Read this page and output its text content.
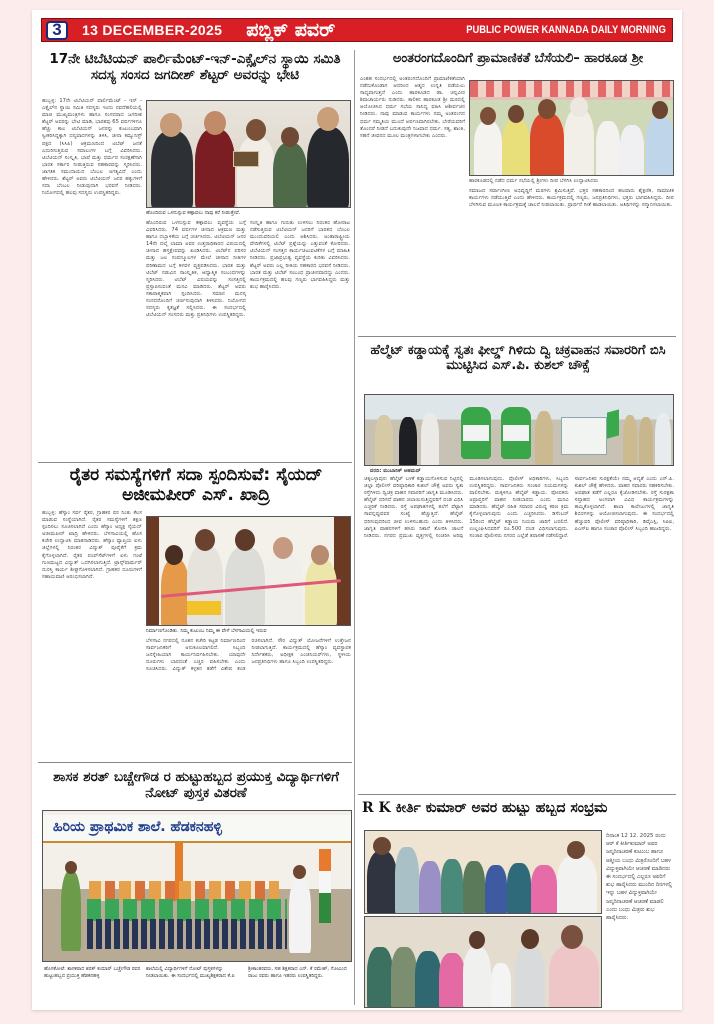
3	13 DECEMBER-2025 ಪಬ್ಲಿಕ್ ಪವರ್	PUBLIC POWER KANNADA DAILY MORNING
17ನೇ ಟಿಬೆಟಿಯನ್ ಪಾರ್ಲಿಮೆಂಟ್-ಇನ್-ಎಕ್ಸೈಲ್‌ನ ಸ್ಥಾಯಿ ಸಮಿತಿ ಸದಸ್ಯ ಸಂಸದ ಜಗದೀಶ್ ಶೆಟ್ಟರ್ ಅವರನ್ನು ಭೇಟಿ
ಹುಬ್ಬಳ್ಳಿ: 17ನೇ ಟಿಬೆಟಿಯನ್ ಪಾರ್ಲಿಮೆಂಟ್ - ಇನ್ - ಎಕ್ಸೈಲ್‌ನ ಸ್ಥಾಯಿ ಸಮಿತಿ ಸದಸ್ಯರು ಇಂದು ನವದೆಹಲಿಯಲ್ಲಿ ಮಾಜಿ ಮುಖ್ಯಮಂತ್ರಿಗಳು ಹಾಗೂ ಸಂಸದರಾದ ಜಗದೀಶ ಶೆಟ್ಟರ್ ಅವರನ್ನು ಭೇಟಿ ಮಾಡಿ, ಭಾರತವು 65 ವರ್ಷಗಳಿಗೂ ಹೆಚ್ಚು ಕಾಲ ಟಿಬೆಟಿಯನ್ ಜನರನ್ನು ಕುಟುಂಬವಾಗಿ ಸ್ವೀಕರಿಸಿದ್ದಕ್ಕಾಗಿ ಧನ್ಯವಾದಗಳನ್ನು ತಿಳಿಸಿ, ಚೀನಾ ಕಮ್ಯುನಿಸ್ಟ್ ಪಕ್ಷದ (ಸಿಸಿಪಿ) ಆಕ್ರಮಣದಿಂದ ಟಿಬೆಟ್ ಜನತೆ ಎದುರಿಸುತ್ತಿರುವ ಸವಾಲುಗಳ ಬಗ್ಗೆ ವಿವರಿಸಿದರು. ಟಿಬೆಟಿಯನ್ ಸಂಸ್ಕೃತಿ, ಭಾಷೆ ಮತ್ತು ಧರ್ಮದ ಸಂರಕ್ಷಣೆಗಾಗಿ ಭಾರತ ಸರ್ಕಾರ ನೀಡುತ್ತಿರುವ ಸಹಕಾರವನ್ನು ಸ್ಮರಿಸಿದರು. ಜಾಗತಿಕ ಸಮುದಾಯದ ಬೆಂಬಲ ಅಗತ್ಯವಿದೆ ಎಂದು ಹೇಳಿದರು. ಶೆಟ್ಟರ್ ಅವರು ಟಿಬೆಟಿಯನ್ ಜನರ ಹಕ್ಕುಗಳಿಗೆ ಸದಾ ಬೆಂಬಲ ನೀಡುವುದಾಗಿ ಭರವಸೆ ನೀಡಿದರು. ನಿಯೋಗದಲ್ಲಿ ಹಲವು ಸದಸ್ಯರು ಉಪಸ್ಥಿತರಿದ್ದರು.
ಹೊಂದಿರುವ ಒಳನುಸ್ಸುವ ಕಣ್ಗಾವಲು ನಾವು ಕರೆ ನೀಡುತ್ತೇವೆ.
ಹೊಂದಿರುವ ಒಳನುಸ್ಸುವ ಕಣ್ಗಾವಲು ವ್ಯವಸ್ಥೆಯ ಬಗ್ಗೆ ವಿವರಿಸಿದರು. 74 ವರ್ಷಗಳ ಚೀನಾದ ಆಕ್ರಮಣ ಮತ್ತು ಹಾಗೂ ದಬ್ಬಾಳಿಕೆಯ ಬಗ್ಗೆ ಚರ್ಚಿಸಿದರು. ಟಿಬೆಟಿಯನ್ ಜನರ 14ನೇ ದಲೈ ಲಾಮಾ ಅವರ ಉತ್ತರಾಧಿಕಾರದ ವಿಷಯದಲ್ಲಿ ಚೀನಾದ ಹಸ್ತಕ್ಷೇಪವನ್ನು ಖಂಡಿಸಿದರು. ಟಿಬೆಟ್‌ನ ಪರಿಸರ ಮತ್ತು ಜಲ ಸಂಪನ್ಮೂಲಗಳ ಮೇಲೆ ಚೀನಾದ ನೀತಿಗಳ ಪರಿಣಾಮದ ಬಗ್ಗೆ ಕಳವಳ ವ್ಯಕ್ತಪಡಿಸಿದರು. ಭಾರತ ಮತ್ತು ಟಿಬೆಟ್ ನಡುವಿನ ಸಾಂಸ್ಕೃತಿಕ, ಆಧ್ಯಾತ್ಮಿಕ ಸಂಬಂಧಗಳನ್ನು ಸ್ಮರಿಸಿದರು. ಟಿಬೆಟ್ ವಿಷಯವನ್ನು ಸಂಸತ್ತಿನಲ್ಲಿ ಪ್ರಸ್ತಾಪಿಸುವಂತೆ ಮನವಿ ಮಾಡಿದರು. ಶೆಟ್ಟರ್ ಅವರು ಸಕಾರಾತ್ಮಕವಾಗಿ ಸ್ಪಂದಿಸಿದರು. ಸಮಾನ ಮನಸ್ಕ ಸಂಸದರೊಂದಿಗೆ ಚರ್ಚಿಸುವುದಾಗಿ ತಿಳಿಸಿದರು. ನಿಯೋಗದ ಸದಸ್ಯರು ಕೃತಜ್ಞತೆ ಸಲ್ಲಿಸಿದರು. ಈ ಸಂದರ್ಭದಲ್ಲಿ ಟಿಬೆಟಿಯನ್ ಸಂಸದರು ಮತ್ತು ಪ್ರತಿನಿಧಿಗಳು ಉಪಸ್ಥಿತರಿದ್ದರು.
ಸಂಸ್ಕೃತಿ ಹಾಗೂ ಗುರುತು ಉಳಿಸಲು ನಿರಂತರ ಹೋರಾಟ ನಡೆಸುತ್ತಿರುವ ಟಿಬೆಟಿಯನ್ ಜನರಿಗೆ ಭಾರತದ ಬೆಂಬಲ ಮುಂದುವರಿಯಲಿ ಎಂದು ಆಶಿಸಿದರು. ಅಂತಾರಾಷ್ಟ್ರೀಯ ವೇದಿಕೆಗಳಲ್ಲಿ ಟಿಬೆಟ್ ಪ್ರಶ್ನೆಯನ್ನು ಎತ್ತುವಂತೆ ಕೋರಿದರು. ಟಿಬೆಟಿಯನ್ ಸಂಸತ್ತಿನ ಕಾರ್ಯಚಟುವಟಿಕೆಗಳ ಬಗ್ಗೆ ಮಾಹಿತಿ ನೀಡಿದರು. ಪ್ರಜಾಪ್ರಭುತ್ವ ವ್ಯವಸ್ಥೆಯ ಕುರಿತು ವಿವರಿಸಿದರು. ಶೆಟ್ಟರ್ ಅವರು ಎಲ್ಲ ರೀತಿಯ ಸಹಕಾರದ ಭರವಸೆ ನೀಡಿದರು. ಭಾರತ ಮತ್ತು ಟಿಬೆಟ್ ಸಂಬಂಧ ಪ್ರಾಚೀನವಾದದ್ದು ಎಂದರು. ಕಾರ್ಯಕ್ರಮದಲ್ಲಿ ಹಲವು ಗಣ್ಯರು ಭಾಗವಹಿಸಿದ್ದರು ಮತ್ತು ಶುಭ ಹಾರೈಸಿದರು.
ಅಂತರಂಗದೊಂದಿಗೆ ಪ್ರಾಮಾಣಿಕತೆ ಬೆಸೆಯಲಿ– ಹಾರಕೂಡ ಶ್ರೀ
ಎಂತಹ ಸಂದರ್ಭದಲ್ಲಿ ಅಂತರಂಗದೊಂದಿಗೆ ಪ್ರಾಮಾಣಿಕತೆಯಾಗಿ ನಡೆದುಕೊಂಡಾಗ ಆದರಿಂದ ಆತ್ಮದ ಉನ್ನತಿ ಪಡೆಯಲು ಸಾಧ್ಯವಾಗುತ್ತದೆ ಎಂದು ಹಾರಕೂಡದ ಡಾ. ಚನ್ನವೀರ ಶಿವಾಚಾರ್ಯರು ನುಡಿದರು. ಕಾಲಿಕನ ಹಾರಕೂಡ ಶ್ರೀ ಮಠದಲ್ಲಿ ಆಯೋಜಿಸಿದ ಧರ್ಮ ಸಭೆಯ ಸಾನಿಧ್ಯ ವಹಿಸಿ ಆಶೀರ್ವಚನ ನೀಡಿದರು. ನಾವು ಮಾಡುವ ಕಾರ್ಯಗಳು ನಮ್ಮ ಅಂತರಂಗದ ಧರ್ಮ ಸಮ್ಮತಿಯ ಮುಂದೆ ಅರ್ಪಣವಾಗಿರಬೇಕು. ಬೇರೆಯವರಿಗೆ ತೊಂದರೆ ನೀಡದೆ ಬದುಕುವುದೇ ನಿಜವಾದ ಧರ್ಮ. ಸತ್ಯ, ಶಾಂತಿ, ಸಹನೆ ಜೀವನದ ಮೂಲ ಮಂತ್ರಗಳಾಗಬೇಕು ಎಂದರು.
ಹಾರಕೂಡದಲ್ಲಿ ನಡೆದ ಧರ್ಮ ಸಭೆಯಲ್ಲಿ ಶ್ರೀಗಳು ದೀಪ ಬೆಳಗಿಸಿ ಉದ್ಘಾಟಿಸಿದರು
ಸಮಾಜದ ಸರ್ವಾಂಗೀಣ ಅಭಿವೃದ್ಧಿಗೆ ಮಠಗಳು ಶ್ರಮಿಸುತ್ತಿವೆ. ಭಕ್ತರ ಸಹಕಾರದಿಂದ ಹಲವಾರು ಶೈಕ್ಷಣಿಕ, ಸಾಮಾಜಿಕ ಕಾರ್ಯಗಳು ನಡೆಯುತ್ತಿವೆ ಎಂದು ಹೇಳಿದರು. ಕಾರ್ಯಕ್ರಮದಲ್ಲಿ ಗಣ್ಯರು, ಜನಪ್ರತಿನಿಧಿಗಳು, ಭಕ್ತರು ಭಾಗವಹಿಸಿದ್ದರು. ದೀಪ ಬೆಳಗಿಸುವ ಮೂಲಕ ಕಾರ್ಯಕ್ರಮಕ್ಕೆ ಚಾಲನೆ ನೀಡಲಾಯಿತು. ಪ್ರಾರ್ಥನೆ ಗೀತೆ ಹಾಡಲಾಯಿತು. ಅತಿಥಿಗಳನ್ನು ಸನ್ಮಾನಿಸಲಾಯಿತು.
ಹೆಲ್ಮೆಟ್ ಕಡ್ಡಾಯಕ್ಕೆ ಸ್ವತಃ ಫೀಲ್ಡ್ ಗಿಳಿದು ದ್ವಿ ಚಕ್ರವಾಹನ ಸವಾರರಿಗೆ ಬಿಸಿ ಮುಟ್ಟಿಸಿದ ಎಸ್.ಪಿ. ಕುಶಲ್ ಚೌಕ್ಸೆ
ವರದಿ: ಮುಬಾರಿಕ್ ಅಹಮದ್
ಚಿಕ್ಕಬಳ್ಳಾಪುರ: ಹೆಲ್ಮೆಟ್ ಬಳಕೆ ಕಡ್ಡಾಯಗೊಳಿಸುವ ನಿಟ್ಟಿನಲ್ಲಿ ಜಿಲ್ಲಾ ಪೊಲೀಸ್ ವರಿಷ್ಠಾಧಿಕಾರಿ ಕುಶಲ್ ಚೌಕ್ಸೆ ಅವರು ಸ್ವತಃ ರಸ್ತೆಗಿಳಿದು ದ್ವಿಚಕ್ರ ವಾಹನ ಸವಾರರಿಗೆ ಜಾಗೃತಿ ಮೂಡಿಸಿದರು. ಹೆಲ್ಮೆಟ್ ಧರಿಸದೆ ವಾಹನ ಚಲಾಯಿಸುತ್ತಿದ್ದವರಿಗೆ ದಂಡ ವಿಧಿಸಿ ಎಚ್ಚರಿಕೆ ನೀಡಿದರು. ರಸ್ತೆ ಅಪಘಾತಗಳಲ್ಲಿ ತಲೆಗೆ ಪೆಟ್ಟಾಗಿ ಸಾವನ್ನಪ್ಪುವವರ ಸಂಖ್ಯೆ ಹೆಚ್ಚುತ್ತಿದೆ. ಹೆಲ್ಮೆಟ್ ಧರಿಸುವುದರಿಂದ ಜೀವ ಉಳಿಸಬಹುದು ಎಂದು ತಿಳಿಸಿದರು. ಜಾಗೃತಿ ವಾಹನಗಳಿಗೆ ಹಸಿರು ನಿಶಾನೆ ತೋರಿಸಿ ಚಾಲನೆ ನೀಡಿದರು. ನಗರದ ಪ್ರಮುಖ ವೃತ್ತಗಳಲ್ಲಿ ಸಂಚರಿಸಿ ಅರಿವು ಮೂಡಿಸಲಾಗುವುದು. ಪೊಲೀಸ್ ಅಧಿಕಾರಿಗಳು, ಸಿಬ್ಬಂದಿ ಉಪಸ್ಥಿತರಿದ್ದರು. ಸಾರ್ವಜನಿಕರು ಸಂಚಾರ ನಿಯಮಗಳನ್ನು ಪಾಲಿಸಬೇಕು. ಮಕ್ಕಳಿಗೂ ಹೆಲ್ಮೆಟ್ ಕಡ್ಡಾಯ. ಪೋಷಕರು ಅಪ್ರಾಪ್ತರಿಗೆ ವಾಹನ ನೀಡಬಾರದು ಎಂದು ಮನವಿ ಮಾಡಿದರು. ಹೆಲ್ಮೆಟ್ ರಹಿತ ಸವಾರರ ವಿರುದ್ಧ ಕಠಿಣ ಕ್ರಮ ಕೈಗೊಳ್ಳಲಾಗುವುದು ಎಂದು ಎಚ್ಚರಿಸಿದರು. ಡಿಸೆಂಬರ್ 15ರಿಂದ ಹೆಲ್ಮೆಟ್ ಕಡ್ಡಾಯ ನಿಯಮ ಜಾರಿಗೆ ಬರಲಿದೆ. ಉಲ್ಲಂಘಿಸಿದವರಿಗೆ ರೂ.500 ದಂಡ ವಿಧಿಸಲಾಗುವುದು. ಸಂಚಾರ ಪೊಲೀಸರು ನಗರದ ಎಲ್ಲೆಡೆ ತಪಾಸಣೆ ನಡೆಸಲಿದ್ದಾರೆ. ಸಾರ್ವಜನಿಕರ ಸುರಕ್ಷತೆಯೇ ನಮ್ಮ ಆದ್ಯತೆ ಎಂದು ಎಸ್.ಪಿ. ಕುಶಲ್ ಚೌಕ್ಸೆ ಹೇಳಿದರು. ವಾಹನ ಸವಾರರು ಸಹಕರಿಸಬೇಕು. ಅಪಘಾತ ತಡೆಗೆ ಎಲ್ಲರೂ ಕೈಜೋಡಿಸಬೇಕು. ರಸ್ತೆ ಸುರಕ್ಷತಾ ಸಪ್ತಾಹದ ಅಂಗವಾಗಿ ವಿವಿಧ ಕಾರ್ಯಕ್ರಮಗಳನ್ನು ಹಮ್ಮಿಕೊಳ್ಳಲಾಗಿದೆ. ಶಾಲಾ ಕಾಲೇಜುಗಳಲ್ಲಿ ಜಾಗೃತಿ ಶಿಬಿರಗಳನ್ನು ಆಯೋಜಿಸಲಾಗುವುದು. ಈ ಸಂದರ್ಭದಲ್ಲಿ ಹೆಚ್ಚುವರಿ ಪೊಲೀಸ್ ವರಿಷ್ಠಾಧಿಕಾರಿ, ಡಿವೈಎಸ್ಪಿ, ಸಿಪಿಐ, ಪಿಎಸ್ಐ ಹಾಗೂ ಸಂಚಾರ ಪೊಲೀಸ್ ಸಿಬ್ಬಂದಿ ಹಾಜರಿದ್ದರು.
ರೈತರ ಸಮಸ್ಯೆಗಳಿಗೆ ಸದಾ ಸ್ಪಂದಿಸುವೆ: ಸೈಯದ್ ಅಜೀಮಪೀರ್ ಎಸ್. ಖಾದ್ರಿ
ಹುಬ್ಬಳ್ಳಿ: ಹೆಸ್ಕಾಂ ಸರ್ವ ರೈತರ, ಗ್ರಾಹಕರ ಪರ ನಿಂತು ಕೆಲಸ ಮಾಡುವ ಸಂಸ್ಥೆಯಾಗಿದೆ. ರೈತರ ಸಮಸ್ಯೆಗಳಿಗೆ ತಕ್ಷಣ ಸ್ಪಂದಿಸಲು ಸೂಚಿಸಲಾಗಿದೆ ಎಂದು ಹೆಸ್ಕಾಂ ಅಧ್ಯಕ್ಷ ಸೈಯದ್ ಅಜೀಮಪೀರ್ ಖಾದ್ರಿ ಹೇಳಿದರು. ಬೆಳಗಾವಿಯಲ್ಲಿ ಹೊಸ ಕಚೇರಿ ಉದ್ಘಾಟಿಸಿ ಮಾತನಾಡಿದರು. ಹೆಸ್ಕಾಂ ವ್ಯಾಪ್ತಿಯ ಏಳು ಜಿಲ್ಲೆಗಳಲ್ಲಿ ನಿರಂತರ ವಿದ್ಯುತ್ ಪೂರೈಕೆಗೆ ಕ್ರಮ ಕೈಗೊಳ್ಳಲಾಗಿದೆ. ರೈತರ ಪಂಪ್‌ಸೆಟ್‌ಗಳಿಗೆ ಏಳು ಗಂಟೆ ಗುಣಮಟ್ಟದ ವಿದ್ಯುತ್ ಒದಗಿಸಲಾಗುತ್ತಿದೆ. ಟ್ರಾನ್ಸ್‌ಫಾರ್ಮರ್ ದುರಸ್ತಿ ಕಾರ್ಯ ಶೀಘ್ರಗೊಳಿಸಲಾಗಿದೆ. ಗ್ರಾಹಕರ ದೂರುಗಳಿಗೆ ಸಹಾಯವಾಣಿ ಆರಂಭಿಸಲಾಗಿದೆ.
ನಿರ್ಮಾಣಗೊಂಡಿತು. ನಿಮ್ಮ ಕುಟುಂಬ ನಿಮ್ಮ ಈ ವೇಳೆ ಬೆಳಗಾವಿಯಲ್ಲಿ ಇರುವ
ಬೆಳಗಾವಿ ನಗರದಲ್ಲಿ ನೂತನ ಕಚೇರಿ ಕಟ್ಟಡ ನಿರ್ಮಾಣದಿಂದ ಸಾರ್ವಜನಿಕರಿಗೆ ಅನುಕೂಲವಾಗಲಿದೆ. ಸಿಬ್ಬಂದಿ ಜನಸ್ನೇಹಿಯಾಗಿ ಕಾರ್ಯನಿರ್ವಹಿಸಬೇಕು. ಯಾವುದೇ ದೂರುಗಳು ಬಾರದಂತೆ ಎಚ್ಚರ ವಹಿಸಬೇಕು ಎಂದು ಸೂಚಿಸಿದರು. ವಿದ್ಯುತ್ ಕಳ್ಳತನ ತಡೆಗೆ ವಿಶೇಷ ತಂಡ ರಚಿಸಲಾಗಿದೆ. ಸೌರ ವಿದ್ಯುತ್ ಯೋಜನೆಗಳಿಗೆ ಉತ್ತೇಜನ ನೀಡಲಾಗುತ್ತಿದೆ. ಕಾರ್ಯಕ್ರಮದಲ್ಲಿ ಹೆಸ್ಕಾಂ ವ್ಯವಸ್ಥಾಪಕ ನಿರ್ದೇಶಕರು, ಅಧೀಕ್ಷಕ ಎಂಜಿನಿಯರ್‌ಗಳು, ಸ್ಥಳೀಯ ಜನಪ್ರತಿನಿಧಿಗಳು ಹಾಗೂ ಸಿಬ್ಬಂದಿ ಉಪಸ್ಥಿತರಿದ್ದರು.
ಶಾಸಕ ಶರತ್ ಬಚ್ಚೇಗೌಡ ರ ಹುಟ್ಟುಹಬ್ಬದ ಪ್ರಯುಕ್ತ ವಿದ್ಯಾರ್ಥಿಗಳಿಗೆ ನೋಟ್ ಪುಸ್ತಕ ವಿತರಣೆ
ಹಿರಿಯ ಪ್ರಾಥಮಿಕ ಶಾಲೆ. ಹೆಡಕನಹಳ್ಳಿ
ಹೊಸಕೋಟೆ: ಶಾಸಕರಾದ ಶರತ್ ಕುಮಾರ್ ಬಚ್ಚೇಗೌಡ ರವರ ಹುಟ್ಟುಹಬ್ಬದ ಪ್ರಯುಕ್ತ ಹೆಡಕನಹಳ್ಳಿ
ಶಾಲೆಯಲ್ಲಿ ವಿದ್ಯಾರ್ಥಿಗಳಿಗೆ ನೋಟ್ ಪುಸ್ತಕಗಳನ್ನು ನೀಡಲಾಯಿತು. ಈ ಸಂದರ್ಭದಲ್ಲಿ ಮುಖ್ಯಶಿಕ್ಷಕರಾದ ಕೆ.ಪಿ
ಶ್ರೀಕಾಂತರವರು, ಸಹ ಶಿಕ್ಷಕರಾದ ಎನ್. ಕೆ ರಮೇಶ್, ಗೋವಿಂದ ರಾಜು ರವರು ಹಾಗೂ ಇತರರು ಉಪಸ್ಥಿತರಿದ್ದರು.
R K ಕೀರ್ತಿ ಕುಮಾರ್ ಅವರ ಹುಟ್ಟು ಹಬ್ಬದ ಸಂಭ್ರಮ
ದಿನಾಂಕ 12 12. 2025 ರಂದು ಆರ್ ಕೆ ಕೀರ್ತಿಕುಮಾರ್ ಅವರ ಜನ್ಮದಿನಾಚರಣೆ ಕುಟುಂಬ ಹಾಗೂ ಆತ್ಮೀಯ ಬಂಧು ಮಿತ್ರರೊಂದಿಗೆ ಬಹಳ ವಿದ್ಯುಕ್ತವಾಗಿಯೇ ಆಚರಣೆ ಮಾಡಿದರು ಈ ಸಂದರ್ಭದಲ್ಲಿ ಎಲ್ಲರೂ ಅವರಿಗೆ ಶುಭ ಹಾರೈಸಿದರು ಮುಂದಿನ ದಿನಗಳಲ್ಲಿ ಇನ್ನು ಬಹಳ ವಿದ್ಯುಕ್ತವಾಗಿಯೇ ಜನ್ಮದಿನಾಚರಣೆ ಆಚರಣೆ ಮಾಡಲಿ ಎಂದು ಬಂಧು ಮಿತ್ರರು ಶುಭ ಹಾರೈಸಿದರು.
